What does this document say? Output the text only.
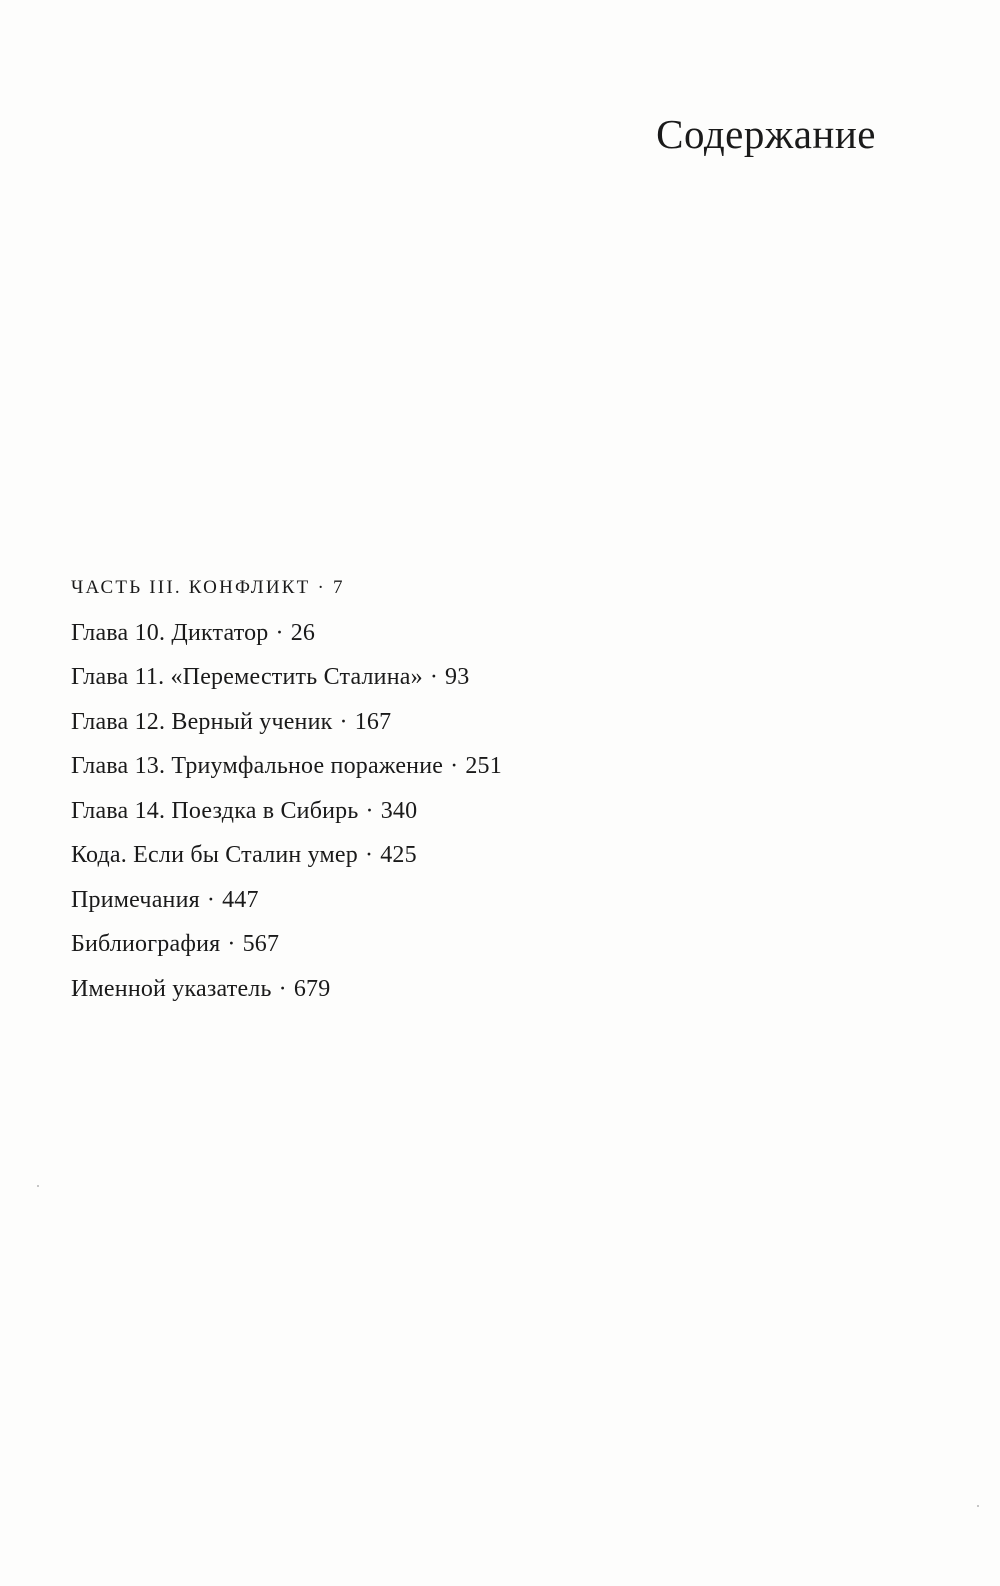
Содержание
ЧАСТЬ III. КОНФЛИКТ · 7
Глава 10. Диктатор · 26
Глава 11. «Переместить Сталина» · 93
Глава 12. Верный ученик · 167
Глава 13. Триумфальное поражение · 251
Глава 14. Поездка в Сибирь · 340
Кода. Если бы Сталин умер · 425
Примечания · 447
Библиография · 567
Именной указатель · 679
